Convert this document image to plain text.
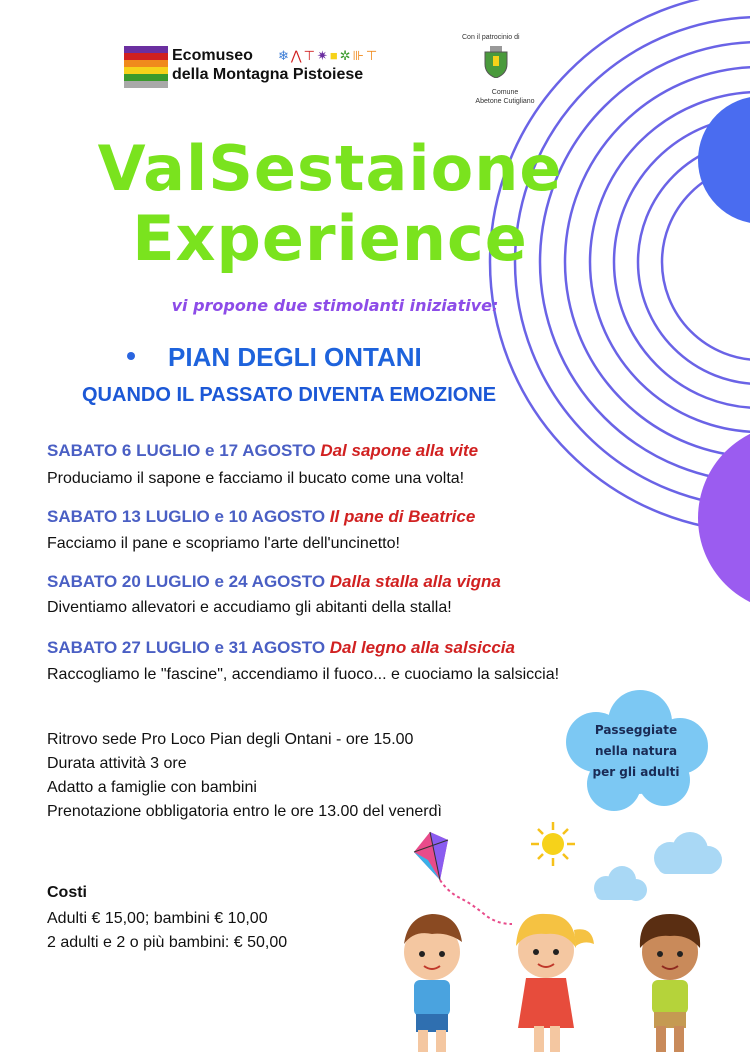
Ecomuseo
della Montagna Pistoiese
❄⋀⊤✷■✲⊪⊤
Con il patrocinio di
Comune
Abetone Cutigliano
ValSestaione
Experience
vi propone due stimolanti iniziative:
PIAN DEGLI ONTANI
QUANDO IL PASSATO DIVENTA EMOZIONE
SABATO 6 LUGLIO e 17 AGOSTO Dal sapone alla vite
Produciamo il sapone e facciamo il bucato come una volta!
SABATO 13 LUGLIO e 10 AGOSTO Il pane di Beatrice
Facciamo il pane e scopriamo l'arte dell'uncinetto!
SABATO 20 LUGLIO e 24 AGOSTO Dalla stalla alla vigna
Diventiamo allevatori e accudiamo gli abitanti della stalla!
SABATO 27 LUGLIO e 31 AGOSTO Dal legno alla salsiccia
Raccogliamo le "fascine", accendiamo il fuoco... e cuociamo la salsiccia!
Ritrovo sede Pro Loco Pian degli Ontani - ore 15.00
Durata attività 3 ore
Adatto a famiglie con bambini
Prenotazione obbligatoria entro le ore 13.00 del venerdì
Costi
Adulti € 15,00; bambini € 10,00
2 adulti e 2 o più bambini: € 50,00
Passeggiate
nella natura
per gli adulti
